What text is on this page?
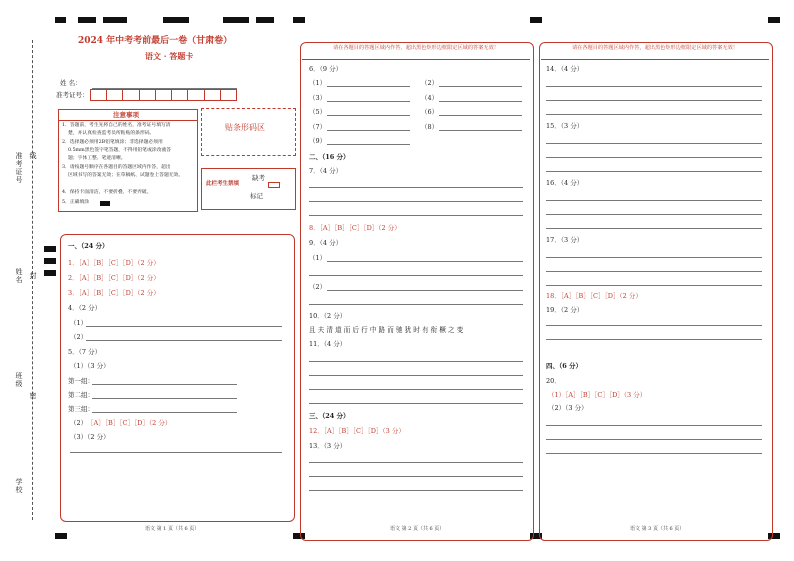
准考证号 线
姓名 封
班级
密
学校
2024 年中考考前最后一卷（甘肃卷）
语文 · 答题卡
姓 名：
准考证号：
注意事项
1．答题前，考生先将自己的姓名，准考证号填写清
楚，并认真检查监考员所粘贴的条形码。
2．选择题必须用2B铅笔填涂；非选择题必须用
0.5mm黑色签字笔答题，不得用铅笔或涂改液答
题；字体工整、笔迹清晰。
3．请按题号顺序在各题目的答题区域内作答，超出
区域书写的答案无效；在草稿纸、试题卷上答题无效。
4．保持卡面清洁，不要折叠、不要弄破。
5．正确填涂
贴条形码区
此栏考生禁填
缺考
标记
一、（24 分）
1．［A］［B］［C］［D］（2 分）
2．［A］［B］［C］［D］（2 分）
3．［A］［B］［C］［D］（2 分）
4．（2 分）
（1）
（2）
5．（7 分）
（1）（3 分）
第一组：
第二组：
第三组：
（2） ［A］［B］［C］［D］（2 分）
（3）（2 分）
语文 第 1 页（共 6 页）
请在各题目的答题区域内作答，超出黑色矩形边框限定区域的答案无效！
6．（9 分）
（1）	（2）
（3）	（4）
（5）	（6）
（7）	（8）
（9）
二、（16 分）
7．（4 分）
8．［A］［B］［C］［D］（2 分）
9．（4 分）
（1）
（2）
10．（2 分）
且 夫 清 道 而 后 行 中 路 而 驰 犹 时 有 衔 橛 之 变
11．（4 分）
三、（24 分）
12．［A］［B］［C］［D］（3 分）
13．（3 分）
语文 第 2 页（共 6 页）
请在各题目的答题区域内作答，超出黑色矩形边框限定区域的答案无效！
14．（4 分）
15．（3 分）
16．（4 分）
17．（3 分）
18．［A］［B］［C］［D］（2 分）
19．（2 分）
四、（6 分）
20．
（1）［A］［B］［C］［D］（3 分）
（2）（3 分）
语文 第 3 页（共 6 页）
